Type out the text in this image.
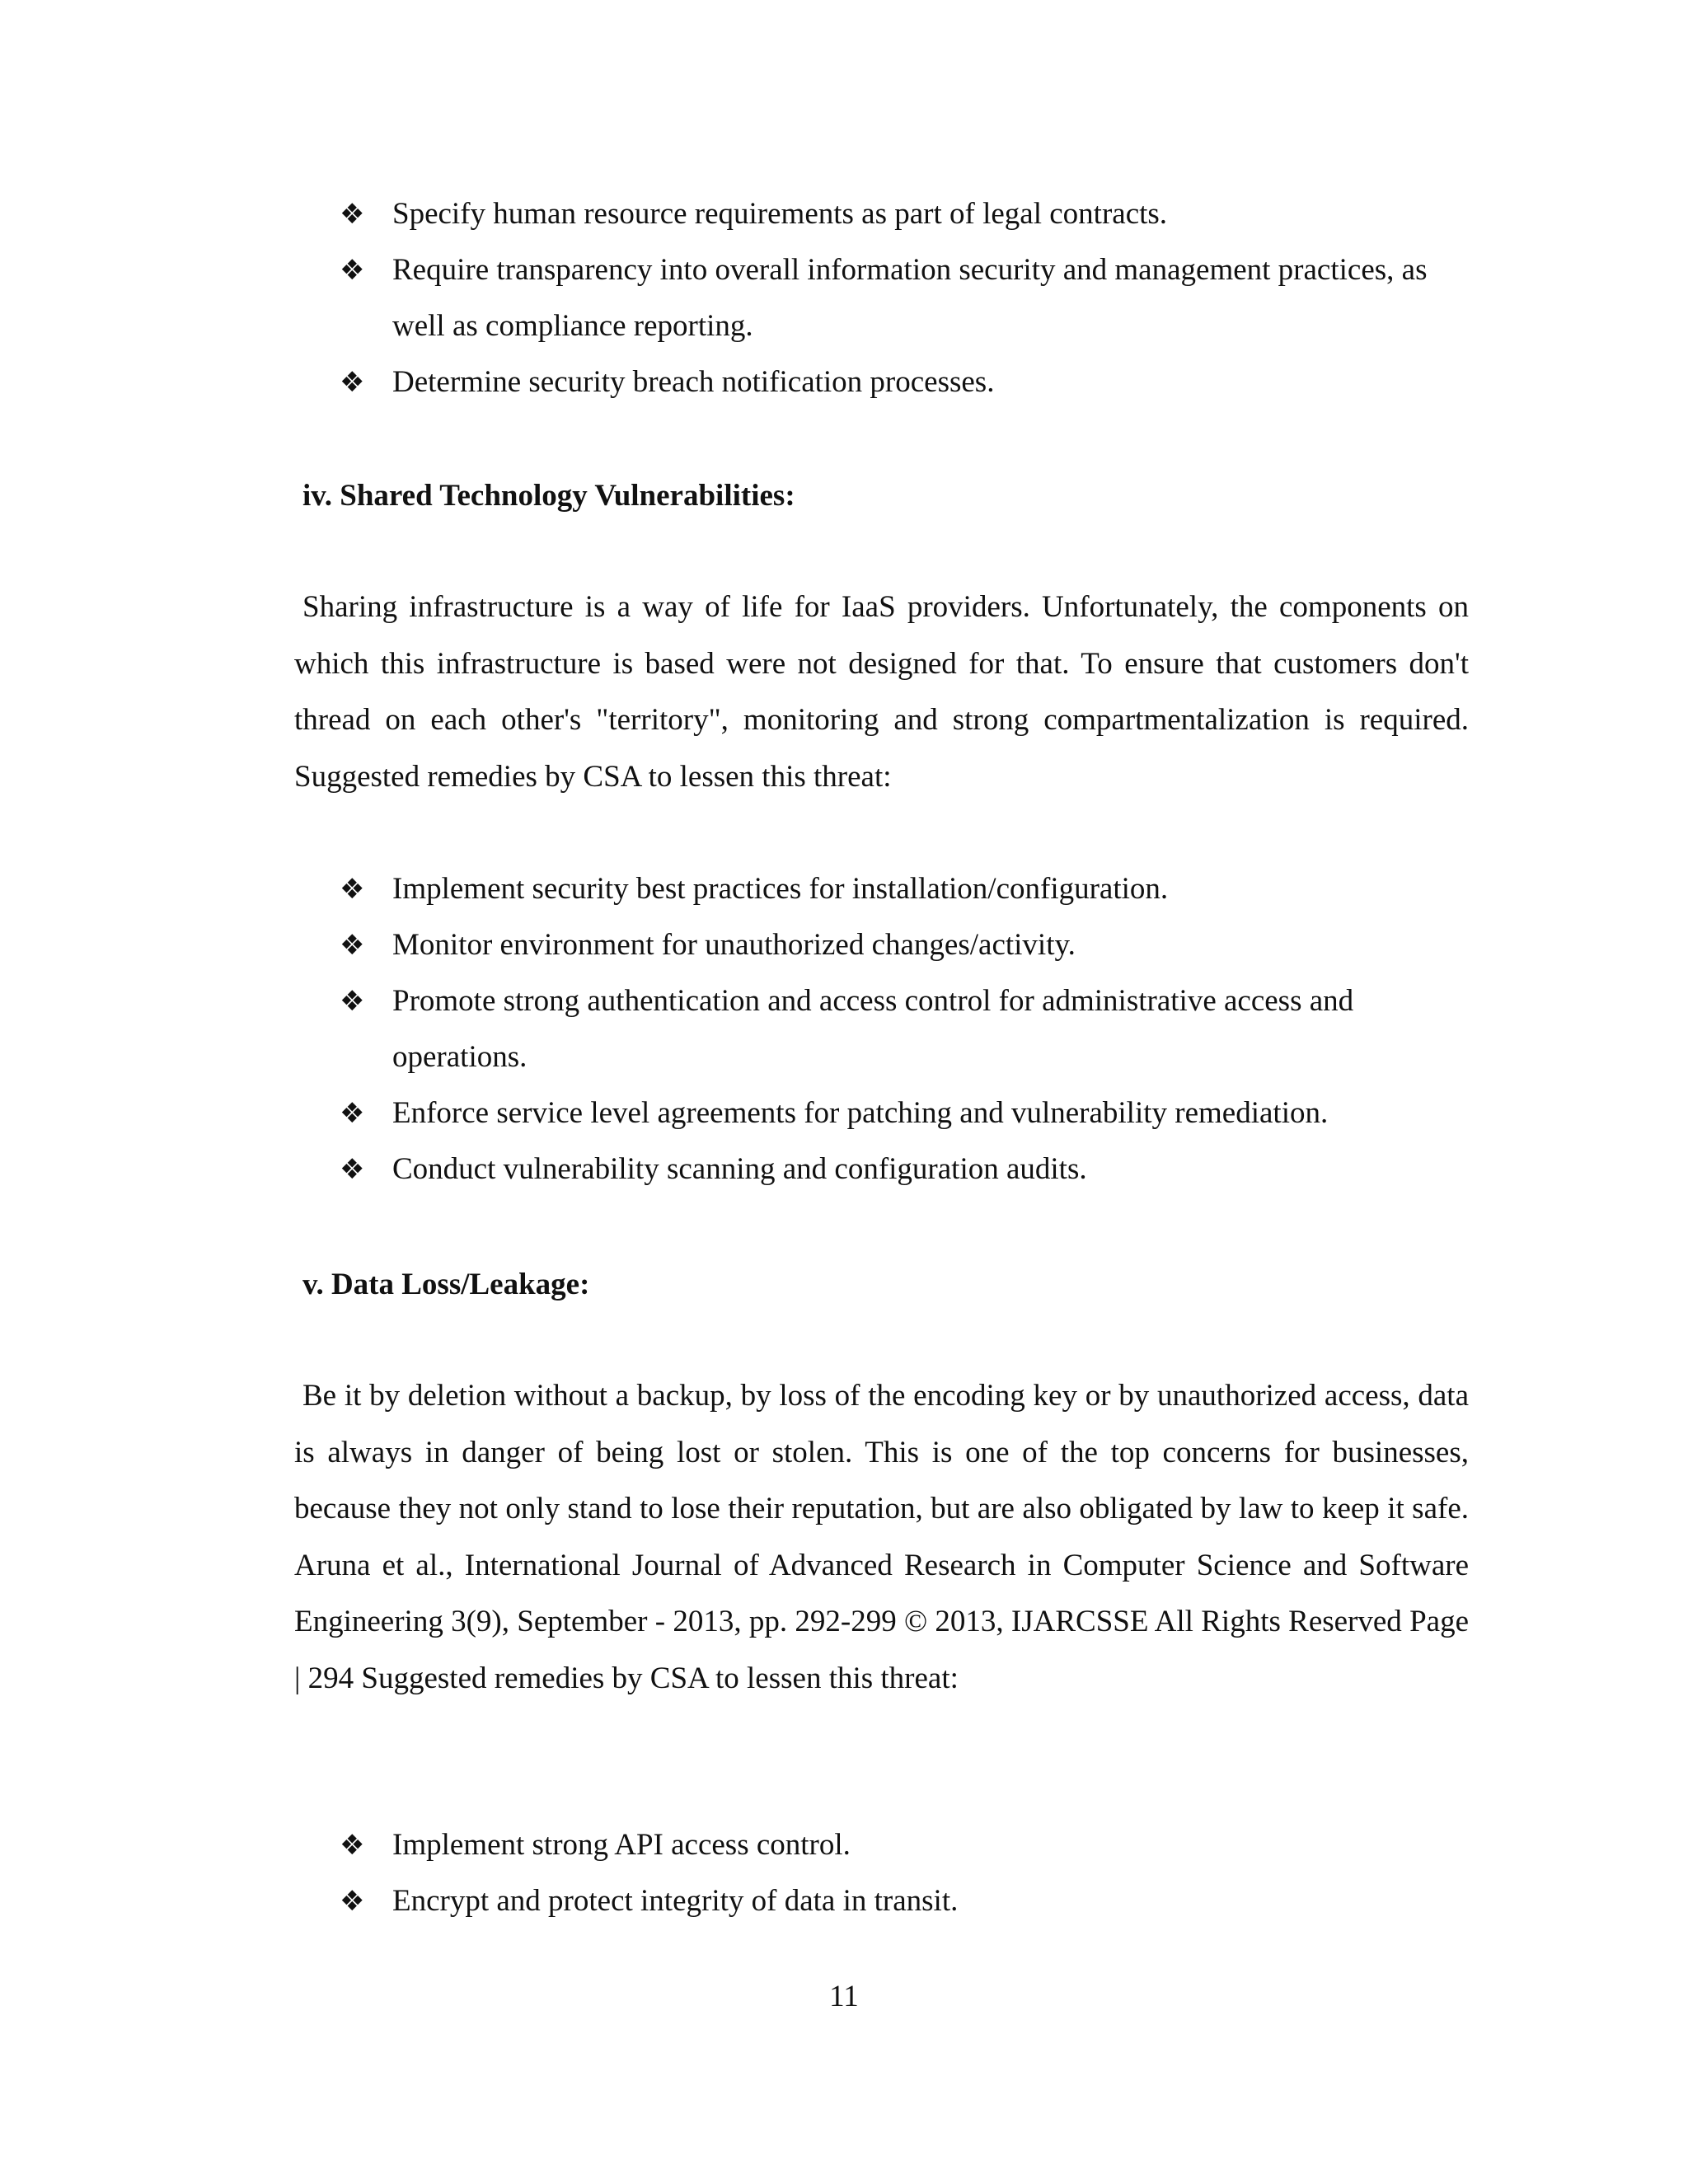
❖ Specify human resource requirements as part of legal contracts.
❖ Require transparency into overall information security and management practices, as well as compliance reporting.
❖ Determine security breach notification processes.
iv. Shared Technology Vulnerabilities:

Sharing infrastructure is a way of life for IaaS providers. Unfortunately, the components on which this infrastructure is based were not designed for that. To ensure that customers don't thread on each other's "territory", monitoring and strong compartmentalization is required. Suggested remedies by CSA to lessen this threat:

❖ Implement security best practices for installation/configuration.
❖ Monitor environment for unauthorized changes/activity.
❖ Promote strong authentication and access control for administrative access and operations.
❖ Enforce service level agreements for patching and vulnerability remediation.
❖ Conduct vulnerability scanning and configuration audits.
v. Data Loss/Leakage:

Be it by deletion without a backup, by loss of the encoding key or by unauthorized access, data is always in danger of being lost or stolen. This is one of the top concerns for businesses, because they not only stand to lose their reputation, but are also obligated by law to keep it safe. Aruna et al., International Journal of Advanced Research in Computer Science and Software Engineering 3(9), September - 2013, pp. 292-299 © 2013, IJARCSSE All Rights Reserved Page | 294 Suggested remedies by CSA to lessen this threat:

❖ Implement strong API access control.
❖ Encrypt and protect integrity of data in transit.
11
